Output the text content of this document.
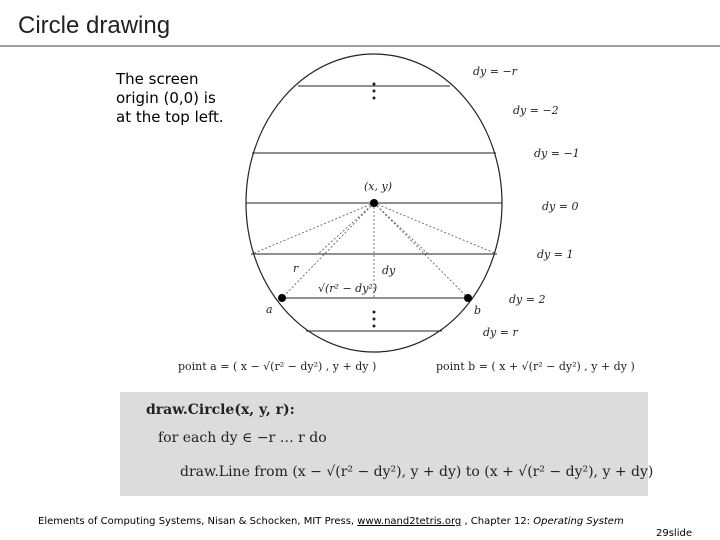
Circle drawing
The screen origin (0,0) is at the top left.
(x, y)
r	dy
√(r² − dy²)
a	b
dy = −r
dy = −2
dy = −1
dy = 0
dy = 1
dy = 2
dy = r
point a = ( x − √(r² − dy²) , y + dy )	point b = ( x + √(r² − dy²) , y + dy )
draw.Circle(x, y, r):
for each dy ∈ −r … r do
draw.Line from (x − √(r² − dy²), y + dy) to (x + √(r² − dy²), y + dy)
Elements of Computing Systems, Nisan & Schocken, MIT Press, www.nand2tetris.org , Chapter 12: Operating System
29slide
